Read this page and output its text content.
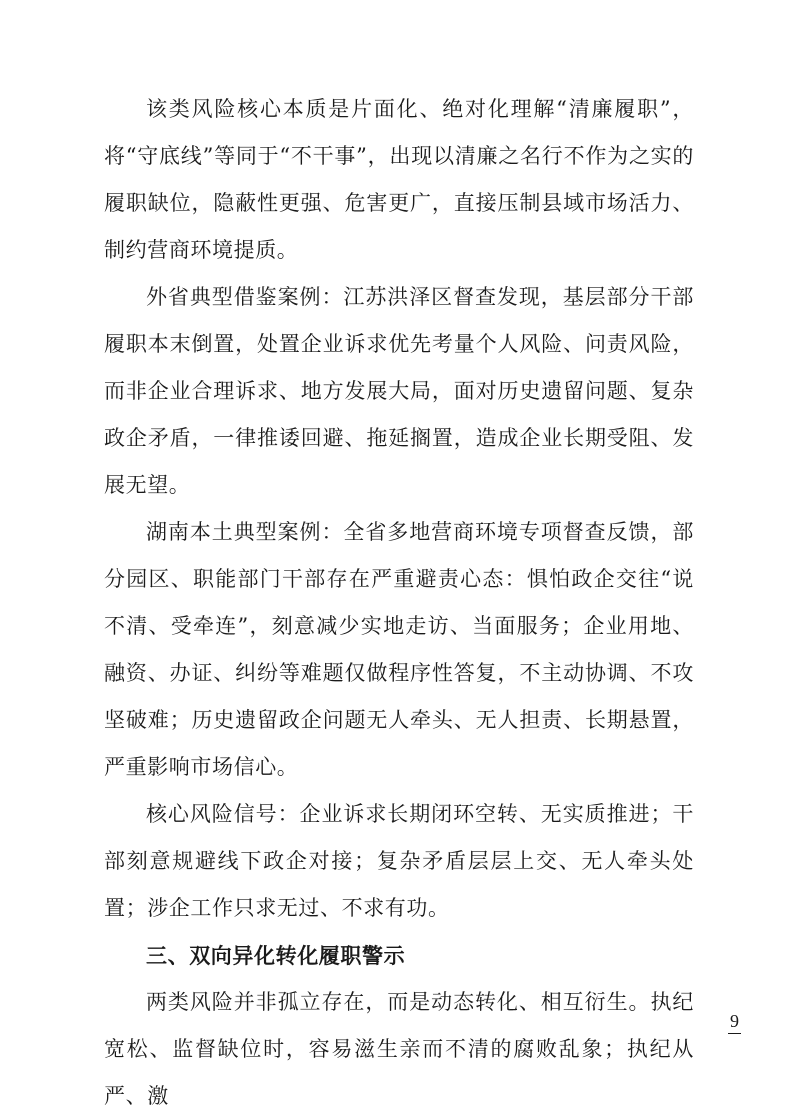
该类风险核心本质是片面化、绝对化理解“清廉履职”，将“守底线”等同于“不干事”，出现以清廉之名行不作为之实的履职缺位，隐蔽性更强、危害更广，直接压制县域市场活力、制约营商环境提质。

外省典型借鉴案例：江苏洪泽区督查发现，基层部分干部履职本末倒置，处置企业诉求优先考量个人风险、问责风险，而非企业合理诉求、地方发展大局，面对历史遗留问题、复杂政企矛盾，一律推诿回避、拖延搁置，造成企业长期受阻、发展无望。

湖南本土典型案例：全省多地营商环境专项督查反馈，部分园区、职能部门干部存在严重避责心态：惧怕政企交往“说不清、受牵连”，刻意减少实地走访、当面服务；企业用地、融资、办证、纠纷等难题仅做程序性答复，不主动协调、不攻坚破难；历史遗留政企问题无人牵头、无人担责、长期悬置，严重影响市场信心。

核心风险信号：企业诉求长期闭环空转、无实质推进；干部刻意规避线下政企对接；复杂矛盾层层上交、无人牵头处置；涉企工作只求无过、不求有功。

三、双向异化转化履职警示

两类风险并非孤立存在，而是动态转化、相互衍生。执纪宽松、监督缺位时，容易滋生亲而不清的腐败乱象；执纪从严、激

9
